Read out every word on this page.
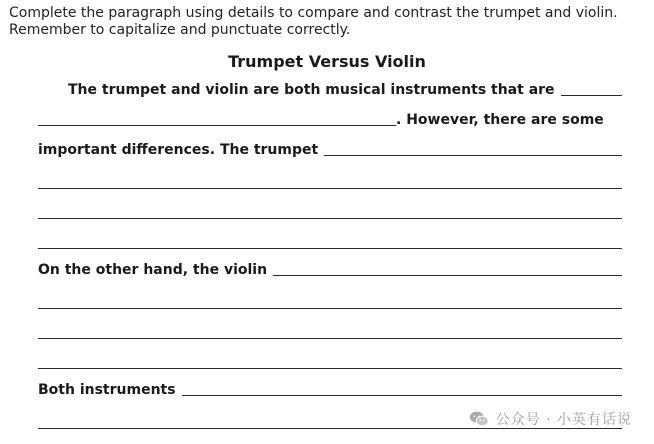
Complete the paragraph using details to compare and contrast the trumpet and violin.
Remember to capitalize and punctuate correctly.
Trumpet Versus Violin
The trumpet and violin are both musical instruments that are
. However, there are some
important differences. The trumpet
On the other hand, the violin
Both instruments
公众号 · 小英有话说
